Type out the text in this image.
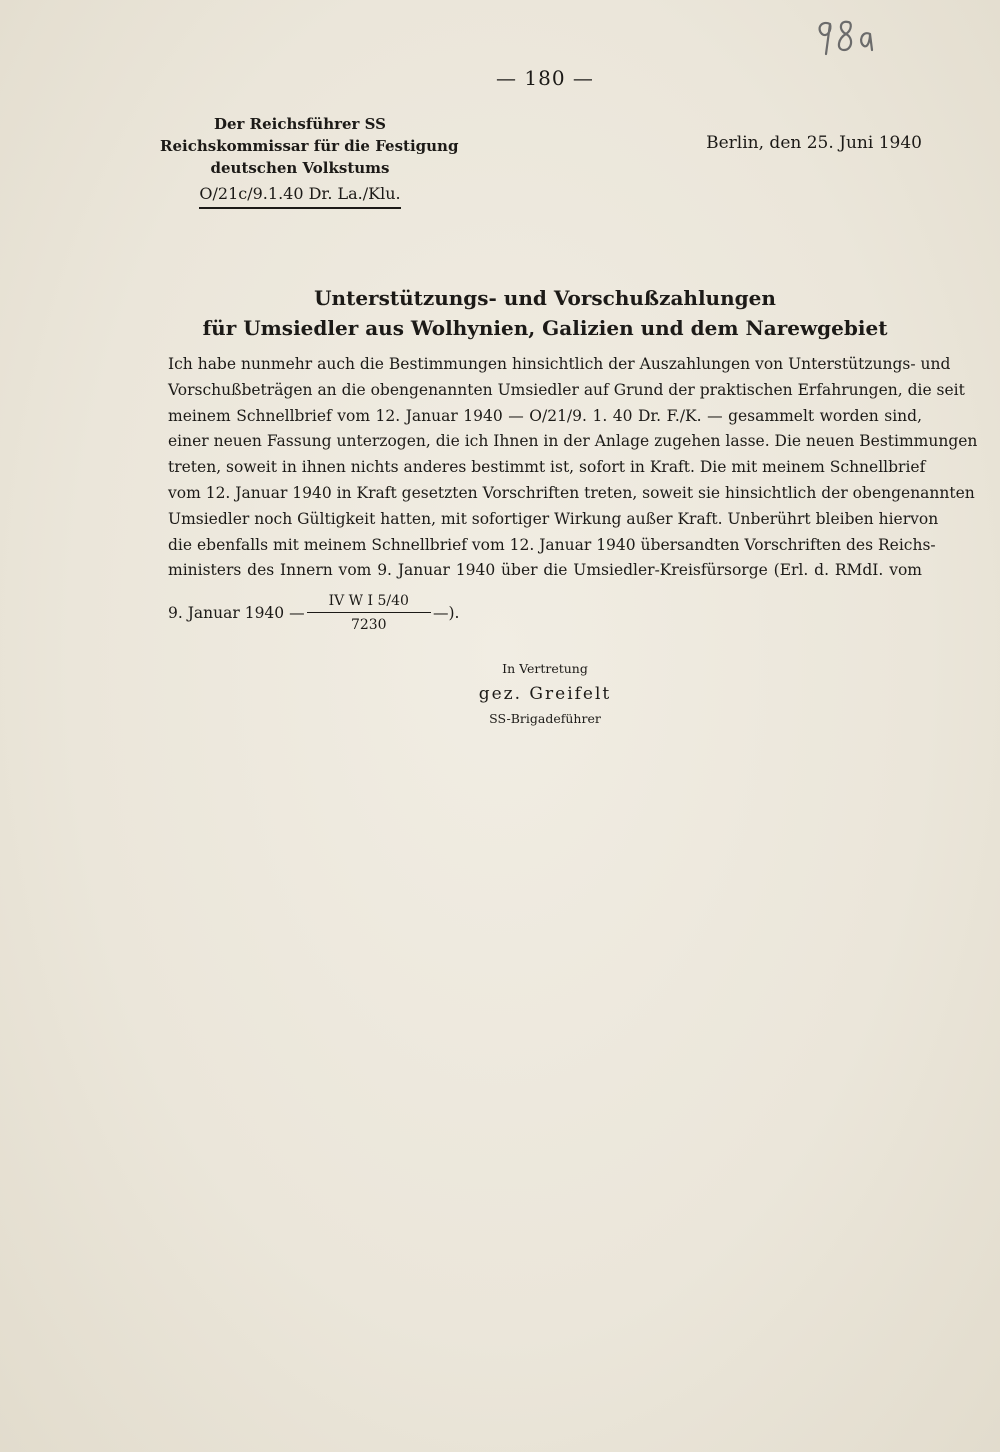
— 180 —
Der Reichsführer SS
Reichskommissar für die Festigung
deutschen Volkstums
O/21c/9.1.40 Dr. La./Klu.
Berlin, den 25. Juni 1940
Unterstützungs- und Vorschußzahlungen
für Umsiedler aus Wolhynien, Galizien und dem Narewgebiet
Ich habe nunmehr auch die Bestimmungen hinsichtlich der Auszahlungen von Unterstützungs- und
Vorschußbeträgen an die obengenannten Umsiedler auf Grund der praktischen Erfahrungen, die seit
meinem Schnellbrief vom 12. Januar 1940 — O/21/9. 1. 40 Dr. F./K. — gesammelt worden sind,
einer neuen Fassung unterzogen, die ich Ihnen in der Anlage zugehen lasse. Die neuen Bestimmungen
treten, soweit in ihnen nichts anderes bestimmt ist, sofort in Kraft. Die mit meinem Schnellbrief
vom 12. Januar 1940 in Kraft gesetzten Vorschriften treten, soweit sie hinsichtlich der obengenannten
Umsiedler noch Gültigkeit hatten, mit sofortiger Wirkung außer Kraft. Unberührt bleiben hiervon
die ebenfalls mit meinem Schnellbrief vom 12. Januar 1940 übersandten Vorschriften des Reichs-
ministers des Innern vom 9. Januar 1940 über die Umsiedler-Kreisfürsorge (Erl. d. RMdI. vom
9. Januar 1940 — $\frac{\text{IV W I 5/40}}{7230}$ —).
In Vertretung
gez. Greifelt
SS-Brigadeführer
